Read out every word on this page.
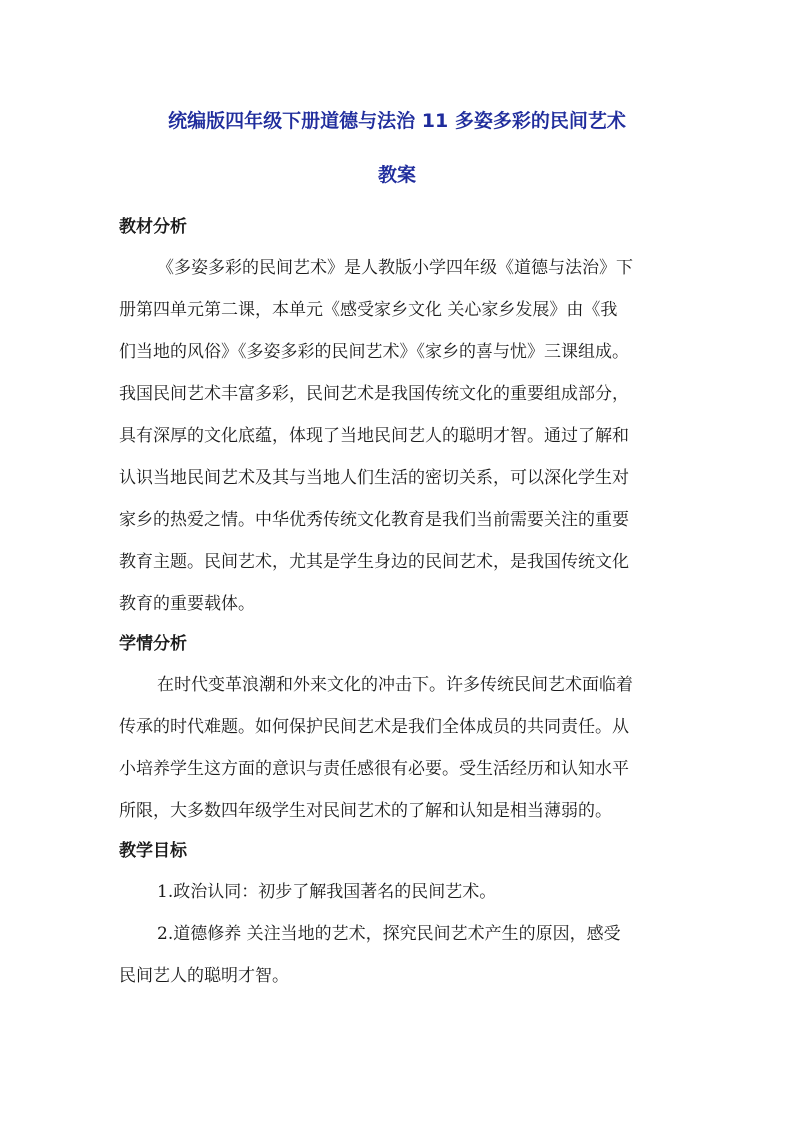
统编版四年级下册道德与法治 11 多姿多彩的民间艺术
教案
教材分析
《多姿多彩的民间艺术》是人教版小学四年级《道德与法治》下
册第四单元第二课，本单元《感受家乡文化 关心家乡发展》由《我
们当地的风俗》《多姿多彩的民间艺术》《家乡的喜与忧》三课组成。
我国民间艺术丰富多彩，民间艺术是我国传统文化的重要组成部分，
具有深厚的文化底蕴，体现了当地民间艺人的聪明才智。通过了解和
认识当地民间艺术及其与当地人们生活的密切关系，可以深化学生对
家乡的热爱之情。中华优秀传统文化教育是我们当前需要关注的重要
教育主题。民间艺术，尤其是学生身边的民间艺术，是我国传统文化
教育的重要载体。
学情分析
在时代变革浪潮和外来文化的冲击下。许多传统民间艺术面临着
传承的时代难题。如何保护民间艺术是我们全体成员的共同责任。从
小培养学生这方面的意识与责任感很有必要。受生活经历和认知水平
所限，大多数四年级学生对民间艺术的了解和认知是相当薄弱的。
教学目标
1.政治认同：初步了解我国著名的民间艺术。
2.道德修养 关注当地的艺术，探究民间艺术产生的原因，感受
民间艺人的聪明才智。
